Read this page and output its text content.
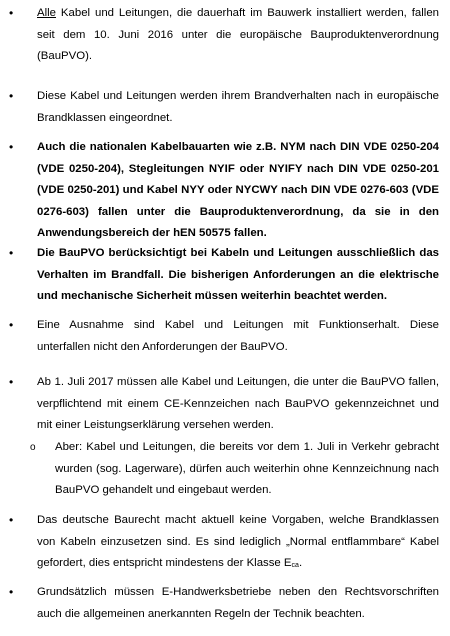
• Alle Kabel und Leitungen, die dauerhaft im Bauwerk installiert werden, fallen seit dem 10. Juni 2016 unter die europäische Bauproduktenverordnung (BauPVO).

• Diese Kabel und Leitungen werden ihrem Brandverhalten nach in europäische Brandklassen eingeordnet.

• Auch die nationalen Kabelbauarten wie z.B. NYM nach DIN VDE 0250-204 (VDE 0250-204), Stegleitungen NYIF oder NYIFY nach DIN VDE 0250-201 (VDE 0250-201) und Kabel NYY oder NYCWY nach DIN VDE 0276-603 (VDE 0276-603) fallen unter die Bauproduktenverordnung, da sie in den Anwendungsbereich der hEN 50575 fallen.

• Die BauPVO berücksichtigt bei Kabeln und Leitungen ausschließlich das Verhalten im Brandfall. Die bisherigen Anforderungen an die elektrische und mechanische Sicherheit müssen weiterhin beachtet werden.

• Eine Ausnahme sind Kabel und Leitungen mit Funktionserhalt. Diese unterfallen nicht den Anforderungen der BauPVO.

• Ab 1. Juli 2017 müssen alle Kabel und Leitungen, die unter die BauPVO fallen, verpflichtend mit einem CE-Kennzeichen nach BauPVO gekennzeichnet und mit einer Leistungserklärung versehen werden.

o Aber: Kabel und Leitungen, die bereits vor dem 1. Juli in Verkehr gebracht wurden (sog. Lagerware), dürfen auch weiterhin ohne Kennzeichnung nach BauPVO gehandelt und eingebaut werden.

• Das deutsche Baurecht macht aktuell keine Vorgaben, welche Brandklassen von Kabeln einzusetzen sind. Es sind lediglich „Normal entflammbare“ Kabel gefordert, dies entspricht mindestens der Klasse Eca.

• Grundsätzlich müssen E-Handwerksbetriebe neben den Rechtsvorschriften auch die allgemeinen anerkannten Regeln der Technik beachten.
